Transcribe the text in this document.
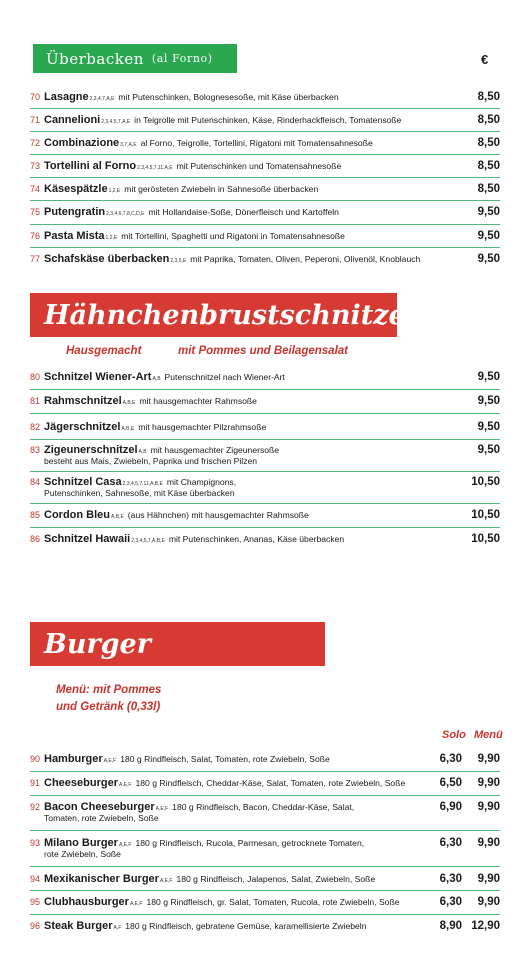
Überbacken (al Forno)	€
70 Lasagne 2,3,4,7,A,E mit Putenschinken, Bolognesesoße, mit Käse überbacken	8,50
71 Cannelioni 2,3,4,5,7,A,E in Teigrolle mit Putenschinken, Käse, Rinderhackfleisch, Tomatensoße	8,50
72 Combinazione 3,7,A,E al Forno, Teigrolle, Tortellini, Rigatoni mit Tomatensahnesoße	8,50
73 Tortellini al Forno 2,3,4,5,7,11,A,E mit Putenschinken und Tomatensahnesoße	8,50
74 Käsespätzle 1,2,E mit gerösteten Zwiebeln in Sahnesoße überbacken	8,50
75 Putengratin 2,3,4,6,7,8,C,D,E mit Hollandaise-Soße, Dönerfleisch und Kartoffeln	9,50
76 Pasta Mista 1,2,E mit Tortellini, Spaghetti und Rigatoni in Tomatensahnesoße	9,50
77 Schafskäse überbacken 2,3,5,E mit Paprika, Tomaten, Oliven, Peperoni, Olivenöl, Knoblauch	9,50
Hähnchenbrustschnitzel
Hausgemacht	mit Pommes und Beilagensalat
80 Schnitzel Wiener-Art A,B Putenschnitzel nach Wiener-Art	9,50
81 Rahmschnitzel A,B,E mit hausgemachter Rahmsoße	9,50
82 Jägerschnitzel A,B,E mit hausgemachter Pilzrahmsoße	9,50
83 Zigeunerschnitzel A,B mit hausgemachter Zigeunersoße
besteht aus Mais, Zwiebeln, Paprika und frischen Pilzen
9,50
84 Schnitzel Casa 2,3,4,5,7,11,A,B,E mit Champignons,
Putenschinken, Sahnesoße, mit Käse überbacken
10,50
85 Cordon Bleu A,B,E (aus Hähnchen) mit hausgemachter Rahmsoße	10,50
86 Schnitzel Hawaii 2,3,4,5,7,A,B,E mit Putenschinken, Ananas, Käse überbacken	10,50
Burger
Menü: mit Pommes
und Getränk (0,33l)
Solo Menü
90 Hamburger A,E,F 180 g Rindfleisch, Salat, Tomaten, rote Zwiebeln, Soße	6,30 9,90
91 Cheeseburger A,E,F 180 g Rindfleisch, Cheddar-Käse, Salat, Tomaten, rote Zwiebeln, Soße	6,50 9,90
92 Bacon Cheeseburger A,E,F 180 g Rindfleisch, Bacon, Cheddar-Käse, Salat,
Tomaten, rote Zwiebeln, Soße
6,90 9,90
93 Milano Burger A,E,F 180 g Rindfleisch, Rucola, Parmesan, getrocknete Tomaten,
rote Zwiebeln, Soße
6,30 9,90
94 Mexikanischer Burger A,E,F 180 g Rindfleisch, Jalapenos, Salat, Zwiebeln, Soße	6,30 9,90
95 Clubhausburger A,E,F 180 g Rindfleisch, gr. Salat, Tomaten, Rucola, rote Zwiebeln, Soße	6,30 9,90
96 Steak Burger A,F 180 g Rindfleisch, gebratene Gemüse, karamellisierte Zwiebeln	8,90 12,90
